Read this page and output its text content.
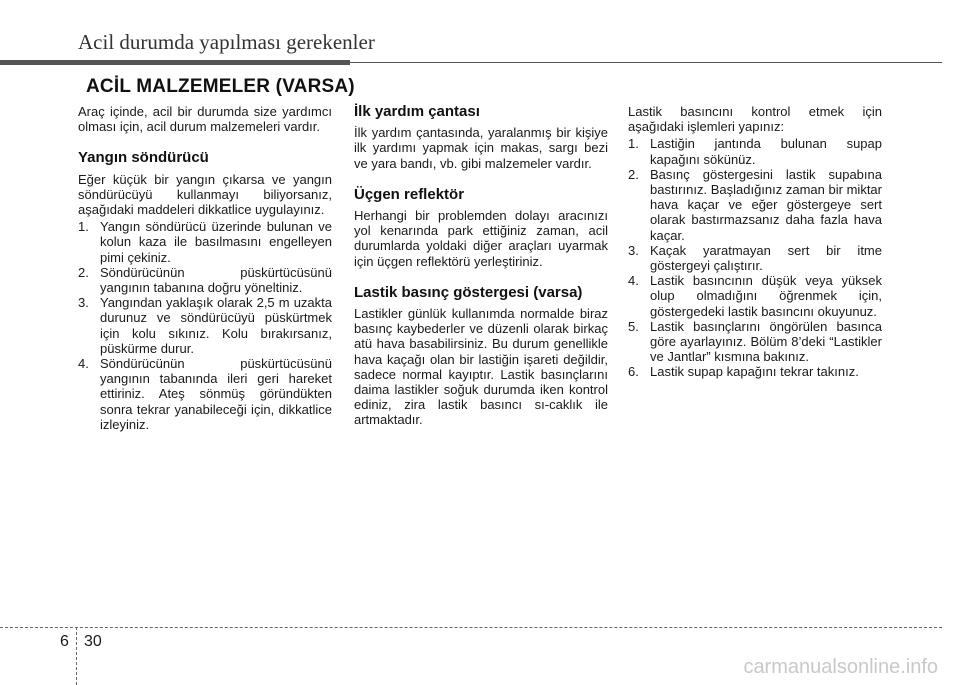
Acil durumda yapılması gerekenler
ACİL MALZEMELER (VARSA)

Araç içinde, acil bir durumda size yardımcı olması için, acil durum malzemeleri vardır.

Yangın söndürücü

Eğer küçük bir yangın çıkarsa ve yangın söndürücüyü kullanmayı biliyorsanız, aşağıdaki maddeleri dikkatlice uygulayınız.

1. Yangın söndürücü üzerinde bulunan ve kolun kaza ile basılmasını engelleyen pimi çekiniz.
2. Söndürücünün püskürtücüsünü yangının tabanına doğru yöneltiniz.
3. Yangından yaklaşık olarak 2,5 m uzakta durunuz ve söndürücüyü püskürtmek için kolu sıkınız. Kolu bırakırsanız, püskürme durur.
4. Söndürücünün püskürtücüsünü yangının tabanında ileri geri hareket ettiriniz. Ateş sönmüş göründükten sonra tekrar yanabileceği için, dikkatlice izleyiniz.
İlk yardım çantası

İlk yardım çantasında, yaralanmış bir kişiye ilk yardımı yapmak için makas, sargı bezi ve yara bandı, vb. gibi malzemeler vardır.

Üçgen reflektör

Herhangi bir problemden dolayı aracınızı yol kenarında park ettiğiniz zaman, acil durumlarda yoldaki diğer araçları uyarmak için üçgen reflektörü yerleştiriniz.

Lastik basınç göstergesi (varsa)

Lastikler günlük kullanımda normalde biraz basınç kaybederler ve düzenli olarak birkaç atü hava basabilirsiniz. Bu durum genellikle hava kaçağı olan bir lastiğin işareti değildir, sadece normal kayıptır. Lastik basınçlarını daima lastikler soğuk durumda iken kontrol ediniz, zira lastik basıncı sı-caklık ile artmaktadır.

Lastik basıncını kontrol etmek için aşağıdaki işlemleri yapınız:

1. Lastiğin jantında bulunan supap kapağını sökünüz.
2. Basınç göstergesini lastik supabına bastırınız. Başladığınız zaman bir miktar hava kaçar ve eğer göstergeye sert olarak bastırmazsanız daha fazla hava kaçar.
3. Kaçak yaratmayan sert bir itme göstergeyi çalıştırır.
4. Lastik basıncının düşük veya yüksek olup olmadığını öğrenmek için, göstergedeki lastik basıncını okuyunuz.
5. Lastik basınçlarını öngörülen basınca göre ayarlayınız. Bölüm 8’deki “Lastikler ve Jantlar” kısmına bakınız.
6. Lastik supap kapağını tekrar takınız.
6 30
carmanualsonline.info
